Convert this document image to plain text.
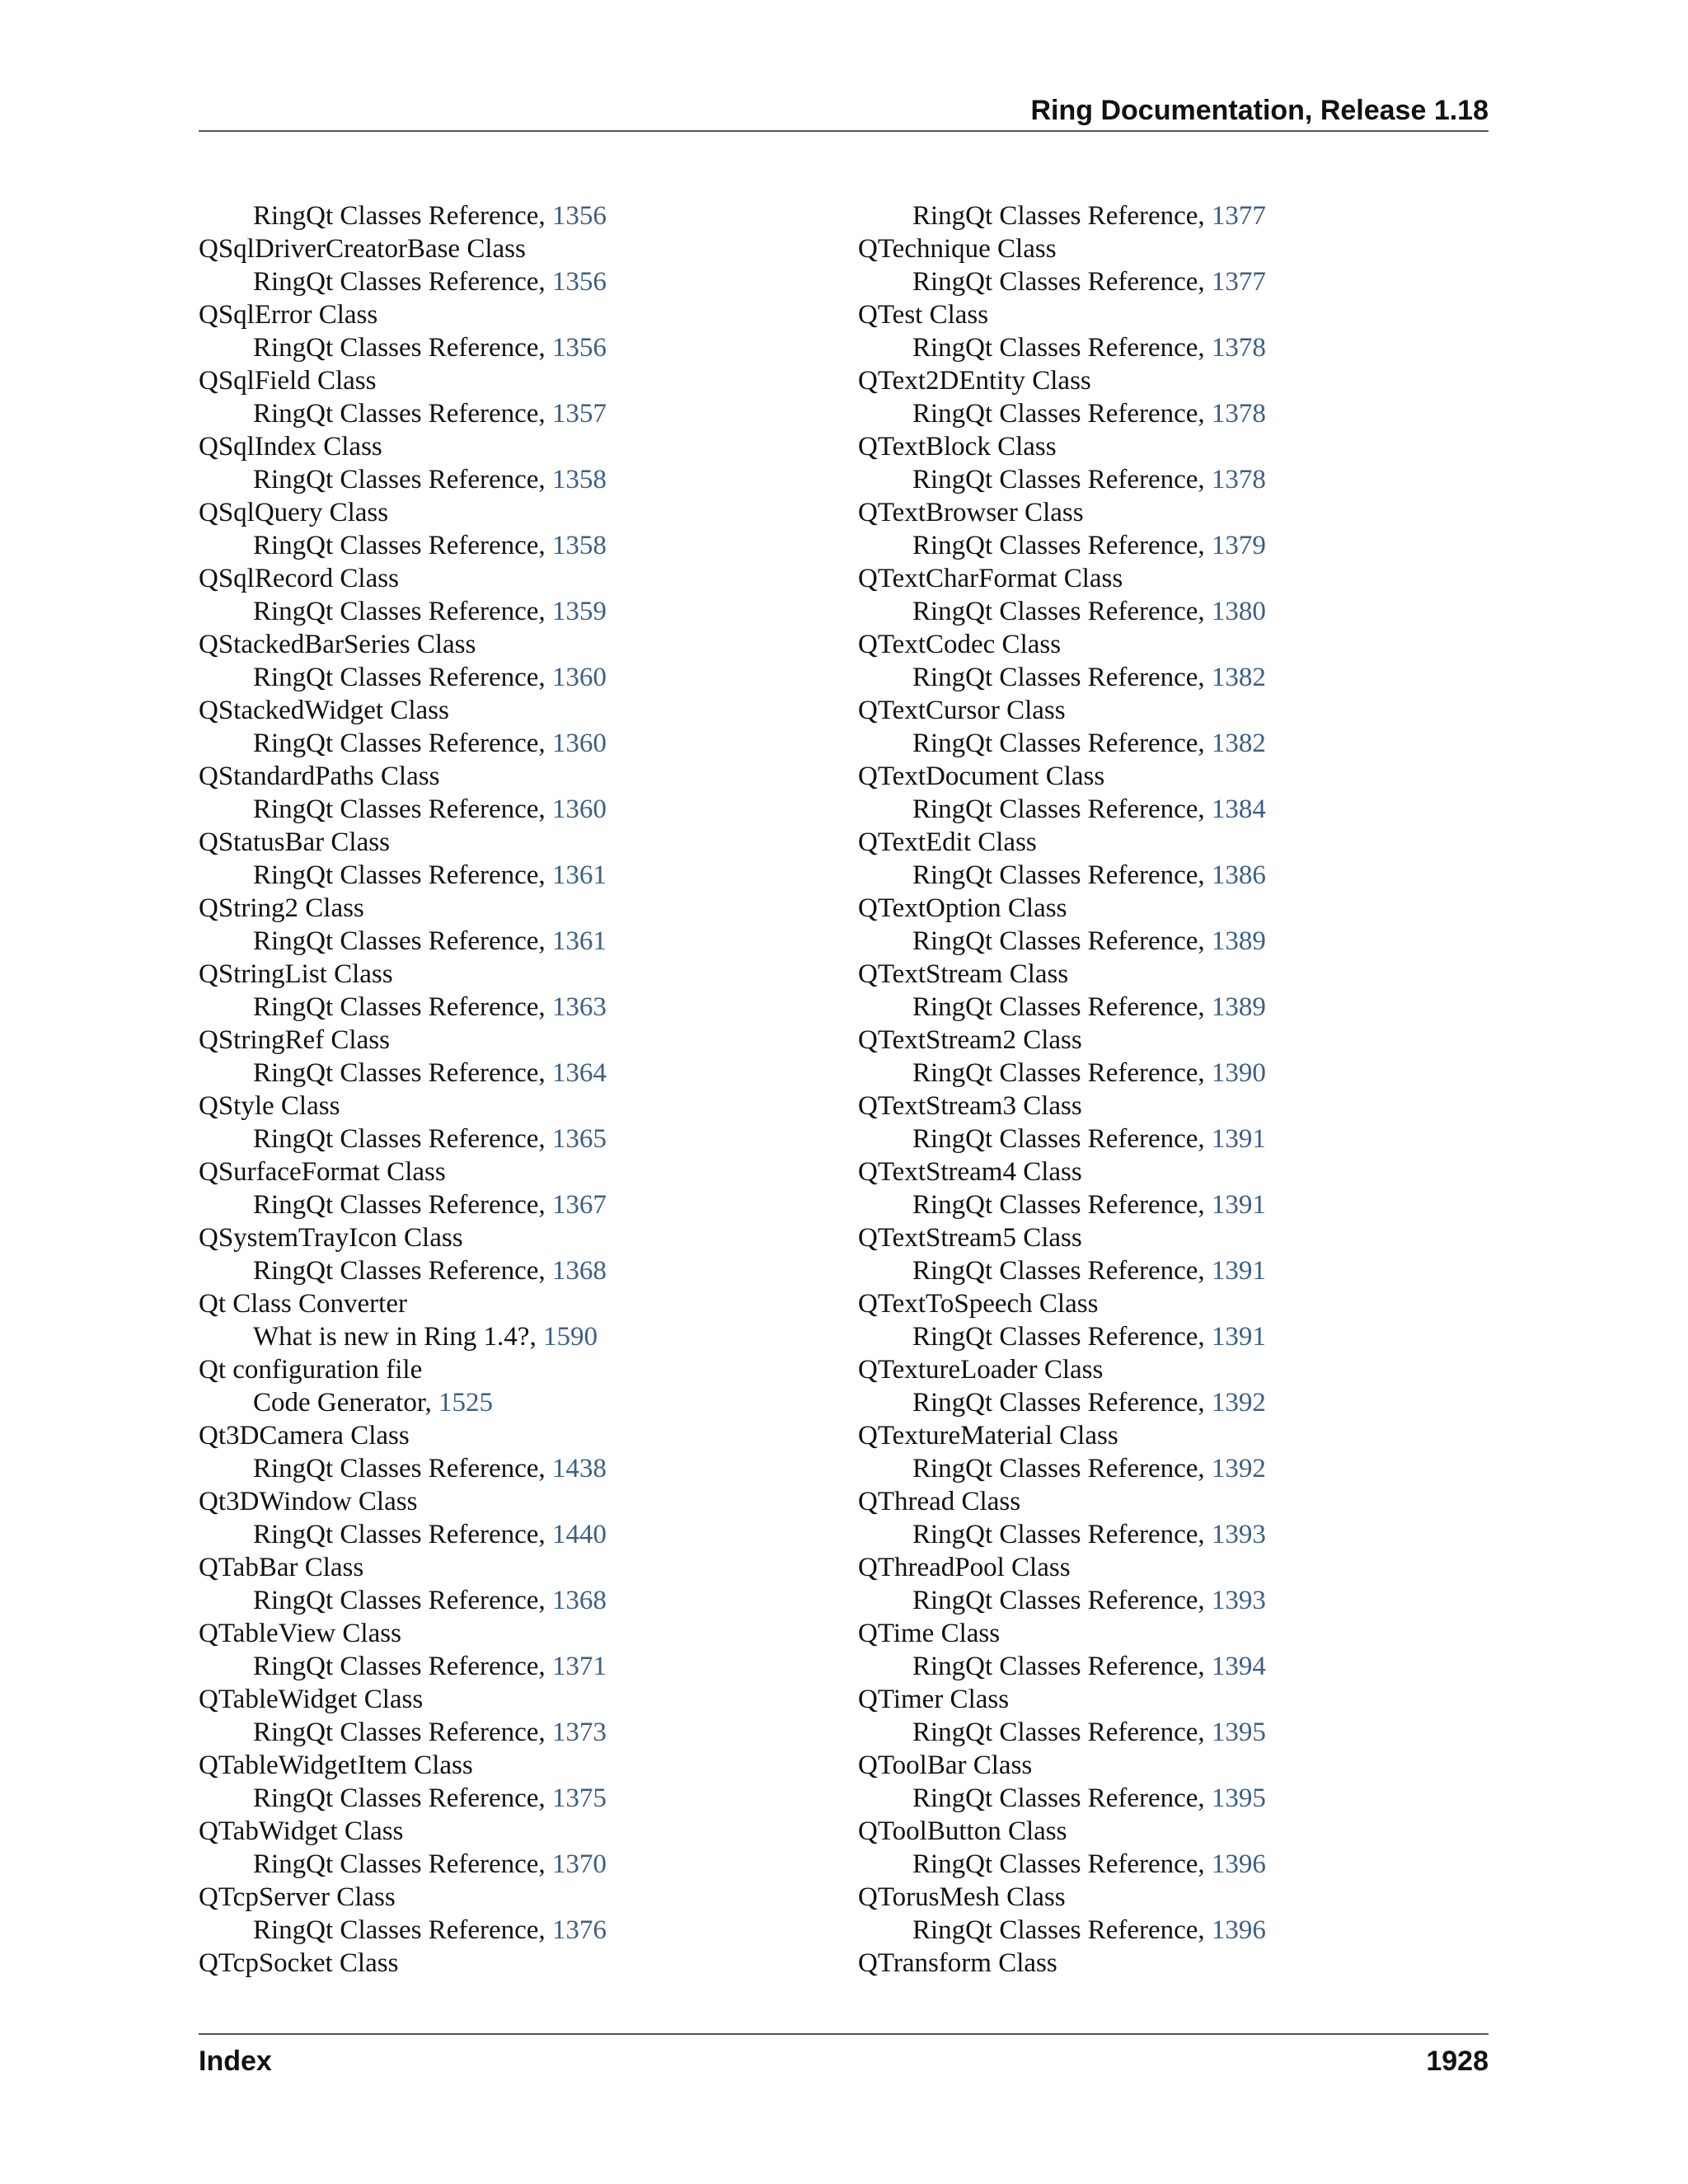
Ring Documentation, Release 1.18
RingQt Classes Reference, 1356
QSqlDriverCreatorBase Class
RingQt Classes Reference, 1356
QSqlError Class
RingQt Classes Reference, 1356
QSqlField Class
RingQt Classes Reference, 1357
QSqlIndex Class
RingQt Classes Reference, 1358
QSqlQuery Class
RingQt Classes Reference, 1358
QSqlRecord Class
RingQt Classes Reference, 1359
QStackedBarSeries Class
RingQt Classes Reference, 1360
QStackedWidget Class
RingQt Classes Reference, 1360
QStandardPaths Class
RingQt Classes Reference, 1360
QStatusBar Class
RingQt Classes Reference, 1361
QString2 Class
RingQt Classes Reference, 1361
QStringList Class
RingQt Classes Reference, 1363
QStringRef Class
RingQt Classes Reference, 1364
QStyle Class
RingQt Classes Reference, 1365
QSurfaceFormat Class
RingQt Classes Reference, 1367
QSystemTrayIcon Class
RingQt Classes Reference, 1368
Qt Class Converter
What is new in Ring 1.4?, 1590
Qt configuration file
Code Generator, 1525
Qt3DCamera Class
RingQt Classes Reference, 1438
Qt3DWindow Class
RingQt Classes Reference, 1440
QTabBar Class
RingQt Classes Reference, 1368
QTableView Class
RingQt Classes Reference, 1371
QTableWidget Class
RingQt Classes Reference, 1373
QTableWidgetItem Class
RingQt Classes Reference, 1375
QTabWidget Class
RingQt Classes Reference, 1370
QTcpServer Class
RingQt Classes Reference, 1376
QTcpSocket Class
RingQt Classes Reference, 1377
QTechnique Class
RingQt Classes Reference, 1377
QTest Class
RingQt Classes Reference, 1378
QText2DEntity Class
RingQt Classes Reference, 1378
QTextBlock Class
RingQt Classes Reference, 1378
QTextBrowser Class
RingQt Classes Reference, 1379
QTextCharFormat Class
RingQt Classes Reference, 1380
QTextCodec Class
RingQt Classes Reference, 1382
QTextCursor Class
RingQt Classes Reference, 1382
QTextDocument Class
RingQt Classes Reference, 1384
QTextEdit Class
RingQt Classes Reference, 1386
QTextOption Class
RingQt Classes Reference, 1389
QTextStream Class
RingQt Classes Reference, 1389
QTextStream2 Class
RingQt Classes Reference, 1390
QTextStream3 Class
RingQt Classes Reference, 1391
QTextStream4 Class
RingQt Classes Reference, 1391
QTextStream5 Class
RingQt Classes Reference, 1391
QTextToSpeech Class
RingQt Classes Reference, 1391
QTextureLoader Class
RingQt Classes Reference, 1392
QTextureMaterial Class
RingQt Classes Reference, 1392
QThread Class
RingQt Classes Reference, 1393
QThreadPool Class
RingQt Classes Reference, 1393
QTime Class
RingQt Classes Reference, 1394
QTimer Class
RingQt Classes Reference, 1395
QToolBar Class
RingQt Classes Reference, 1395
QToolButton Class
RingQt Classes Reference, 1396
QTorusMesh Class
RingQt Classes Reference, 1396
QTransform Class
Index	1928
